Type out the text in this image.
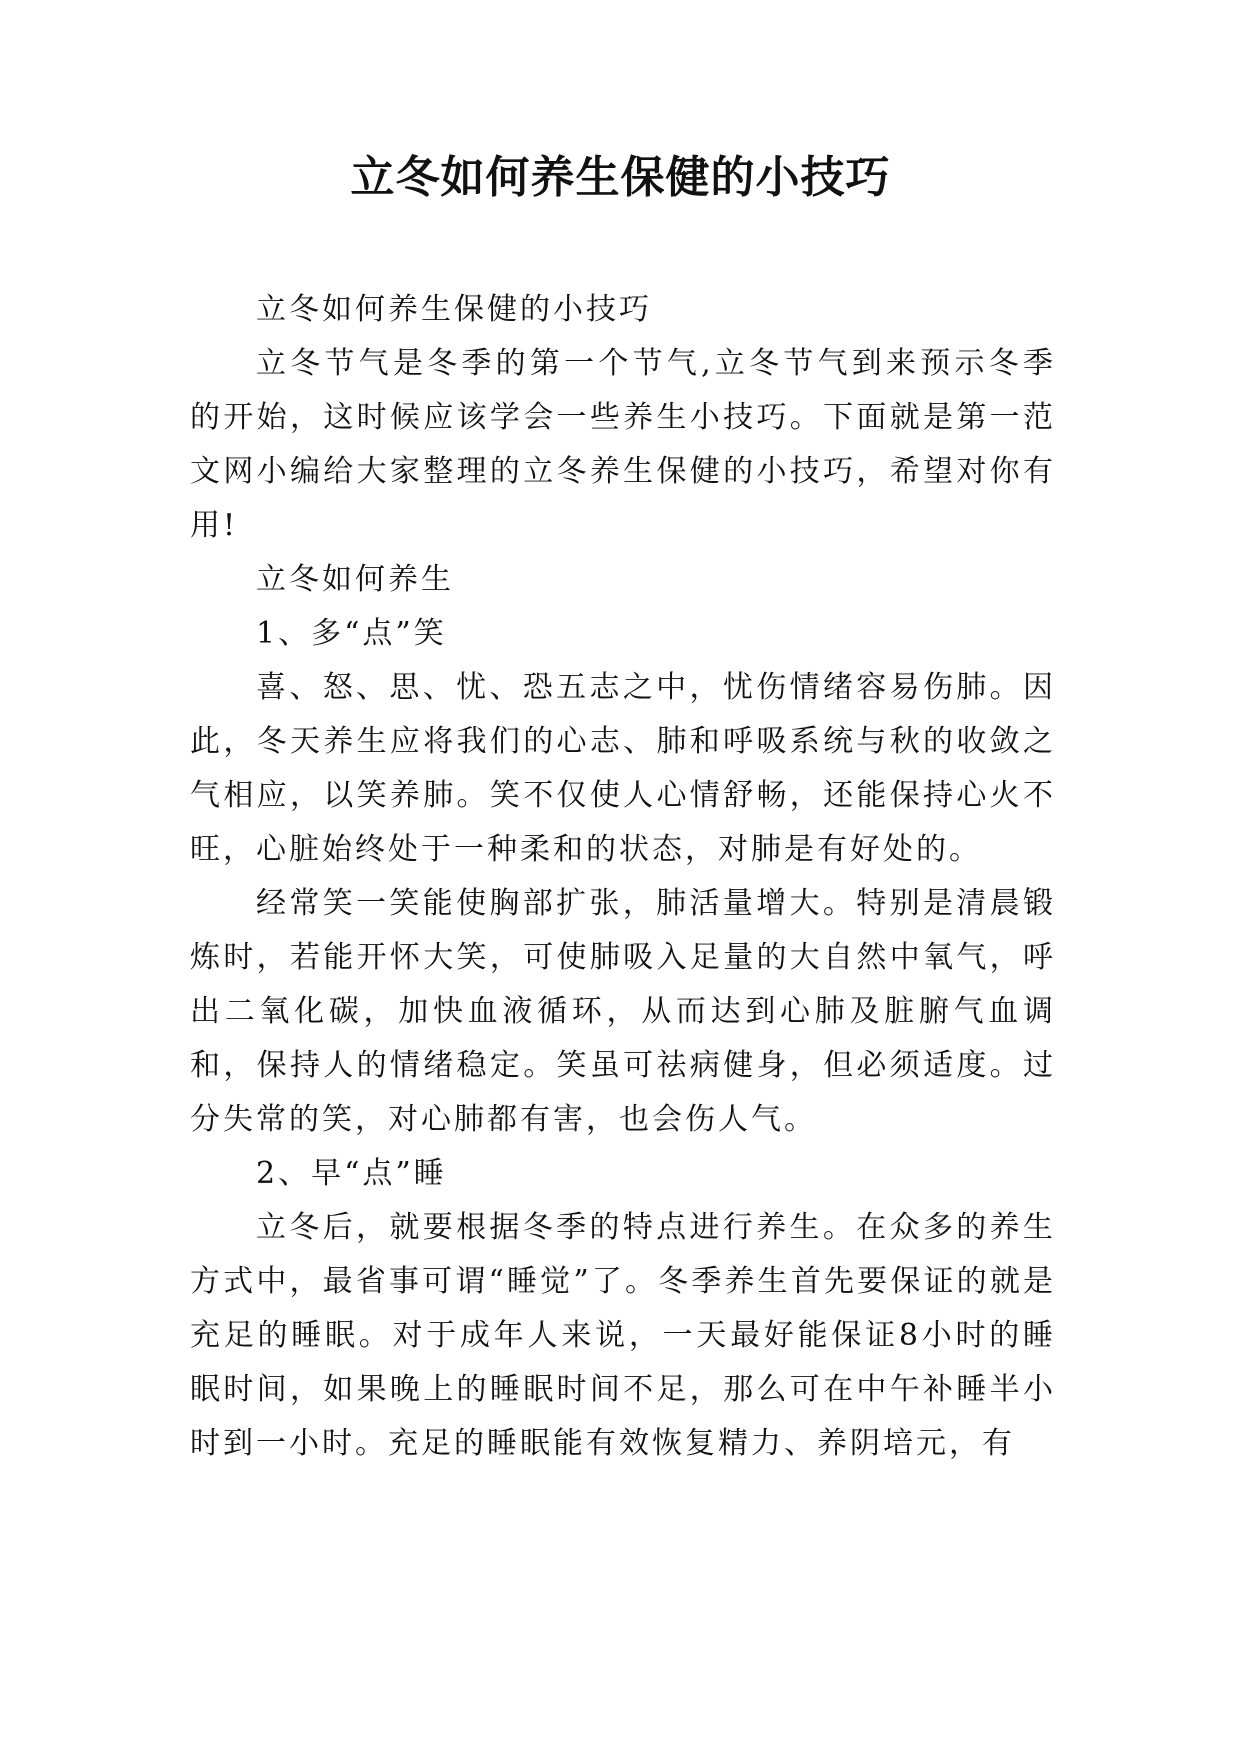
立冬如何养生保健的小技巧

立冬如何养生保健的小技巧

立冬节气是冬季的第一个节气,立冬节气到来预示冬季的开始，这时候应该学会一些养生小技巧。下面就是第一范文网小编给大家整理的立冬养生保健的小技巧，希望对你有用!

立冬如何养生

1、多“点”笑

喜、怒、思、忧、恐五志之中，忧伤情绪容易伤肺。因此，冬天养生应将我们的心志、肺和呼吸系统与秋的收敛之气相应，以笑养肺。笑不仅使人心情舒畅，还能保持心火不旺，心脏始终处于一种柔和的状态，对肺是有好处的。

经常笑一笑能使胸部扩张，肺活量增大。特别是清晨锻炼时，若能开怀大笑，可使肺吸入足量的大自然中氧气，呼出二氧化碳，加快血液循环，从而达到心肺及脏腑气血调和，保持人的情绪稳定。笑虽可祛病健身，但必须适度。过分失常的笑，对心肺都有害，也会伤人气。

2、早“点”睡

立冬后，就要根据冬季的特点进行养生。在众多的养生方式中，最省事可谓“睡觉”了。冬季养生首先要保证的就是充足的睡眠。对于成年人来说，一天最好能保证8小时的睡眠时间，如果晚上的睡眠时间不足，那么可在中午补睡半小时到一小时。充足的睡眠能有效恢复精力、养阴培元，有
